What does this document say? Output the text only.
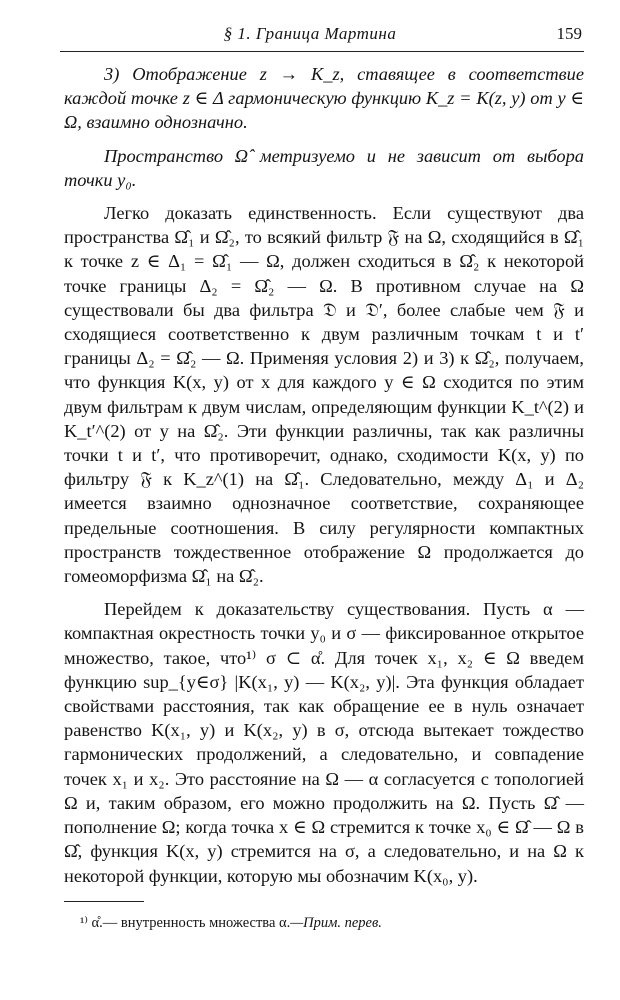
§ 1. Граница Мартина	159

3) Отображение z → K_z, ставящее в соответствие каждой точке z ∈ Δ гармоническую функцию K_z = K(z, y) от y ∈ Ω, взаимно однозначно.

Пространство Ω̂ метризуемо и не зависит от выбора точки y₀.

Легко доказать единственность. Если существуют два пространства Ω̂₁ и Ω̂₂, то всякий фильтр 𝔉 на Ω, сходящийся в Ω̂₁ к точке z ∈ Δ₁ = Ω̂₁ — Ω, должен сходиться в Ω̂₂ к некоторой точке границы Δ₂ = Ω̂₂ — Ω. В противном случае на Ω существовали бы два фильтра 𝔇 и 𝔇′, более слабые чем 𝔉 и сходящиеся соответственно к двум различным точкам t и t′ границы Δ₂ = Ω̂₂ — Ω. Применяя условия 2) и 3) к Ω̂₂, получаем, что функция K(x, y) от x для каждого y ∈ Ω сходится по этим двум фильтрам к двум числам, определяющим функции K_t^(2) и K_t′^(2) от y на Ω̂₂. Эти функции различны, так как различны точки t и t′, что противоречит, однако, сходимости K(x, y) по фильтру 𝔉 к K_z^(1) на Ω̂₁. Следовательно, между Δ₁ и Δ₂ имеется взаимно однозначное соответствие, сохраняющее предельные соотношения. В силу регулярности компактных пространств тождественное отображение Ω продолжается до гомеоморфизма Ω̂₁ на Ω̂₂.

Перейдем к доказательству существования. Пусть α — компактная окрестность точки y₀ и σ — фиксированное открытое множество, такое, что¹⁾ σ ⊂ α̊. Для точек x₁, x₂ ∈ Ω введем функцию sup_{y∈σ} |K(x₁, y) — K(x₂, y)|. Эта функция обладает свойствами расстояния, так как обращение ее в нуль означает равенство K(x₁, y) и K(x₂, y) в σ, отсюда вытекает тождество гармонических продолжений, а следовательно, и совпадение точек x₁ и x₂. Это расстояние на Ω — α согласуется с топологией Ω и, таким образом, его можно продолжить на Ω. Пусть Ω̂ — пополнение Ω; когда точка x ∈ Ω стремится к точке x₀ ∈ Ω̂ — Ω в Ω̂, функция K(x, y) стремится на σ, а следовательно, и на Ω к некоторой функции, которую мы обозначим K(x₀, y).

¹⁾ α̊.— внутренность множества α.—Прим. перев.
